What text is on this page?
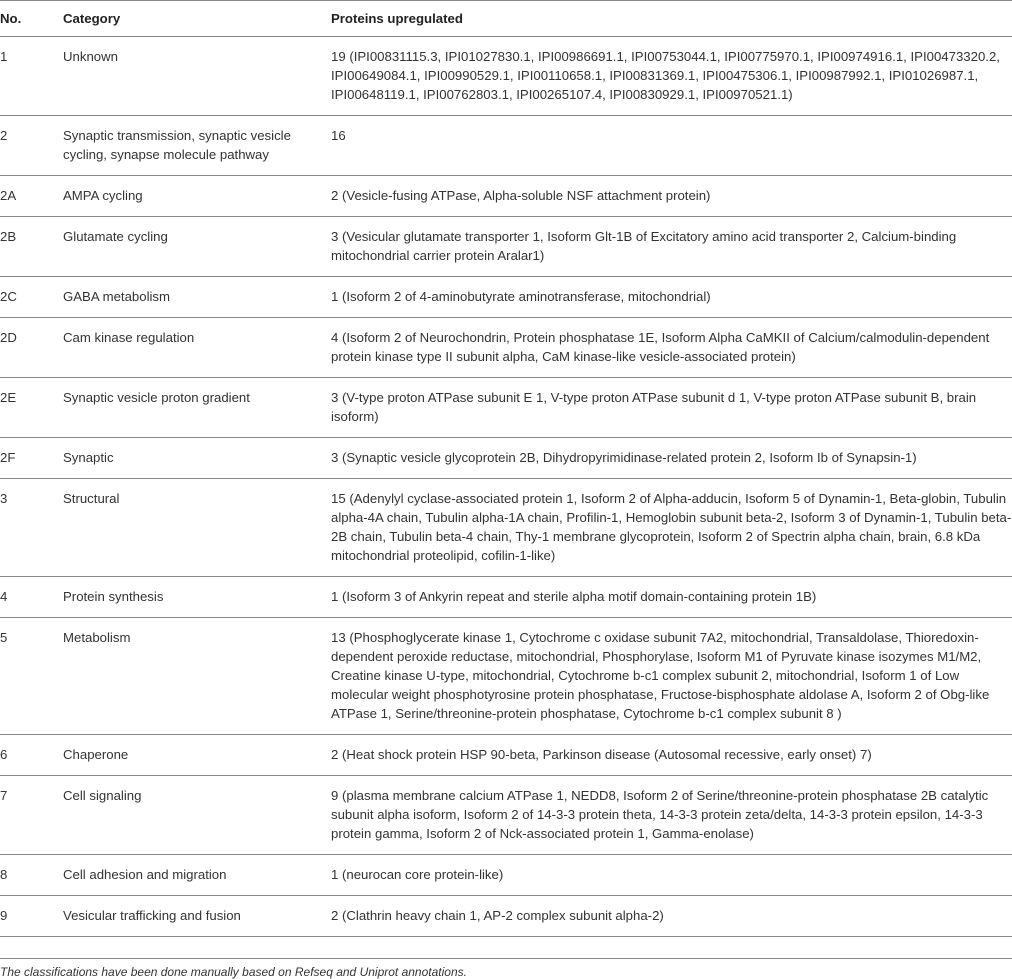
No.	Category	Proteins upregulated
1	Unknown	19 (IPI00831115.3, IPI01027830.1, IPI00986691.1, IPI00753044.1, IPI00775970.1, IPI00974916.1, IPI00473320.2, IPI00649084.1, IPI00990529.1, IPI00110658.1, IPI00831369.1, IPI00475306.1, IPI00987992.1, IPI01026987.1, IPI00648119.1, IPI00762803.1, IPI00265107.4, IPI00830929.1, IPI00970521.1)
2	Synaptic transmission, synaptic vesicle cycling, synapse molecule pathway	16
2A	AMPA cycling	2 (Vesicle-fusing ATPase, Alpha-soluble NSF attachment protein)
2B	Glutamate cycling	3 (Vesicular glutamate transporter 1, Isoform Glt-1B of Excitatory amino acid transporter 2, Calcium-binding mitochondrial carrier protein Aralar1)
2C	GABA metabolism	1 (Isoform 2 of 4-aminobutyrate aminotransferase, mitochondrial)
2D	Cam kinase regulation	4 (Isoform 2 of Neurochondrin, Protein phosphatase 1E, Isoform Alpha CaMKII of Calcium/calmodulin-dependent protein kinase type II subunit alpha, CaM kinase-like vesicle-associated protein)
2E	Synaptic vesicle proton gradient	3 (V-type proton ATPase subunit E 1, V-type proton ATPase subunit d 1, V-type proton ATPase subunit B, brain isoform)
2F	Synaptic	3 (Synaptic vesicle glycoprotein 2B, Dihydropyrimidinase-related protein 2, Isoform Ib of Synapsin-1)
3	Structural	15 (Adenylyl cyclase-associated protein 1, Isoform 2 of Alpha-adducin, Isoform 5 of Dynamin-1, Beta-globin, Tubulin alpha-4A chain, Tubulin alpha-1A chain, Profilin-1, Hemoglobin subunit beta-2, Isoform 3 of Dynamin-1, Tubulin beta-2B chain, Tubulin beta-4 chain, Thy-1 membrane glycoprotein, Isoform 2 of Spectrin alpha chain, brain, 6.8 kDa mitochondrial proteolipid, cofilin-1-like)
4	Protein synthesis	1 (Isoform 3 of Ankyrin repeat and sterile alpha motif domain-containing protein 1B)
5	Metabolism	13 (Phosphoglycerate kinase 1, Cytochrome c oxidase subunit 7A2, mitochondrial, Transaldolase, Thioredoxin-dependent peroxide reductase, mitochondrial, Phosphorylase, Isoform M1 of Pyruvate kinase isozymes M1/M2, Creatine kinase U-type, mitochondrial, Cytochrome b-c1 complex subunit 2, mitochondrial, Isoform 1 of Low molecular weight phosphotyrosine protein phosphatase, Fructose-bisphosphate aldolase A, Isoform 2 of Obg-like ATPase 1, Serine/threonine-protein phosphatase, Cytochrome b-c1 complex subunit 8 )
6	Chaperone	2 (Heat shock protein HSP 90-beta, Parkinson disease (Autosomal recessive, early onset) 7)
7	Cell signaling	9 (plasma membrane calcium ATPase 1, NEDD8, Isoform 2 of Serine/threonine-protein phosphatase 2B catalytic subunit alpha isoform, Isoform 2 of 14-3-3 protein theta, 14-3-3 protein zeta/delta, 14-3-3 protein epsilon, 14-3-3 protein gamma, Isoform 2 of Nck-associated protein 1, Gamma-enolase)
8	Cell adhesion and migration	1 (neurocan core protein-like)
9	Vesicular trafficking and fusion	2 (Clathrin heavy chain 1, AP-2 complex subunit alpha-2)

The classifications have been done manually based on Refseq and Uniprot annotations.
